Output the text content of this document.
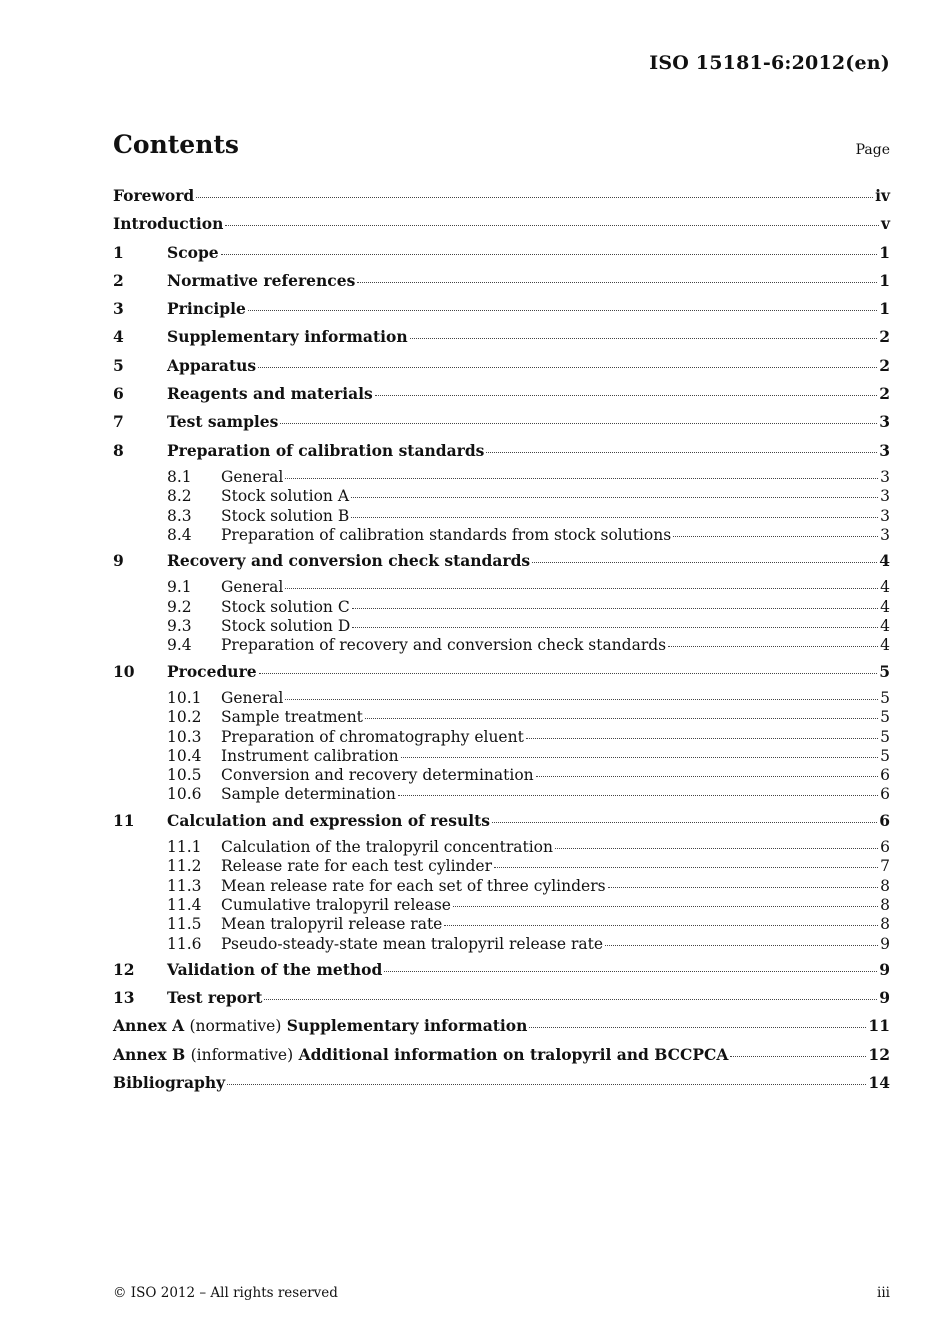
ISO 15181-6:2012(en)
Contents	Page
Foreword	iv
Introduction	v
1	Scope	1
2	Normative references	1
3	Principle	1
4	Supplementary information	2
5	Apparatus	2
6	Reagents and materials	2
7	Test samples	3
8	Preparation of calibration standards	3
8.1	General	3
8.2	Stock solution A	3
8.3	Stock solution B	3
8.4	Preparation of calibration standards from stock solutions	3
9	Recovery and conversion check standards	4
9.1	General	4
9.2	Stock solution C	4
9.3	Stock solution D	4
9.4	Preparation of recovery and conversion check standards	4
10	Procedure	5
10.1	General	5
10.2	Sample treatment	5
10.3	Preparation of chromatography eluent	5
10.4	Instrument calibration	5
10.5	Conversion and recovery determination	6
10.6	Sample determination	6
11	Calculation and expression of results	6
11.1	Calculation of the tralopyril concentration	6
11.2	Release rate for each test cylinder	7
11.3	Mean release rate for each set of three cylinders	8
11.4	Cumulative tralopyril release	8
11.5	Mean tralopyril release rate	8
11.6	Pseudo-steady-state mean tralopyril release rate	9
12	Validation of the method	9
13	Test report	9
Annex A (normative) Supplementary information	11
Annex B (informative) Additional information on tralopyril and BCCPCA	12
Bibliography	14
© ISO 2012 – All rights reserved	iii
